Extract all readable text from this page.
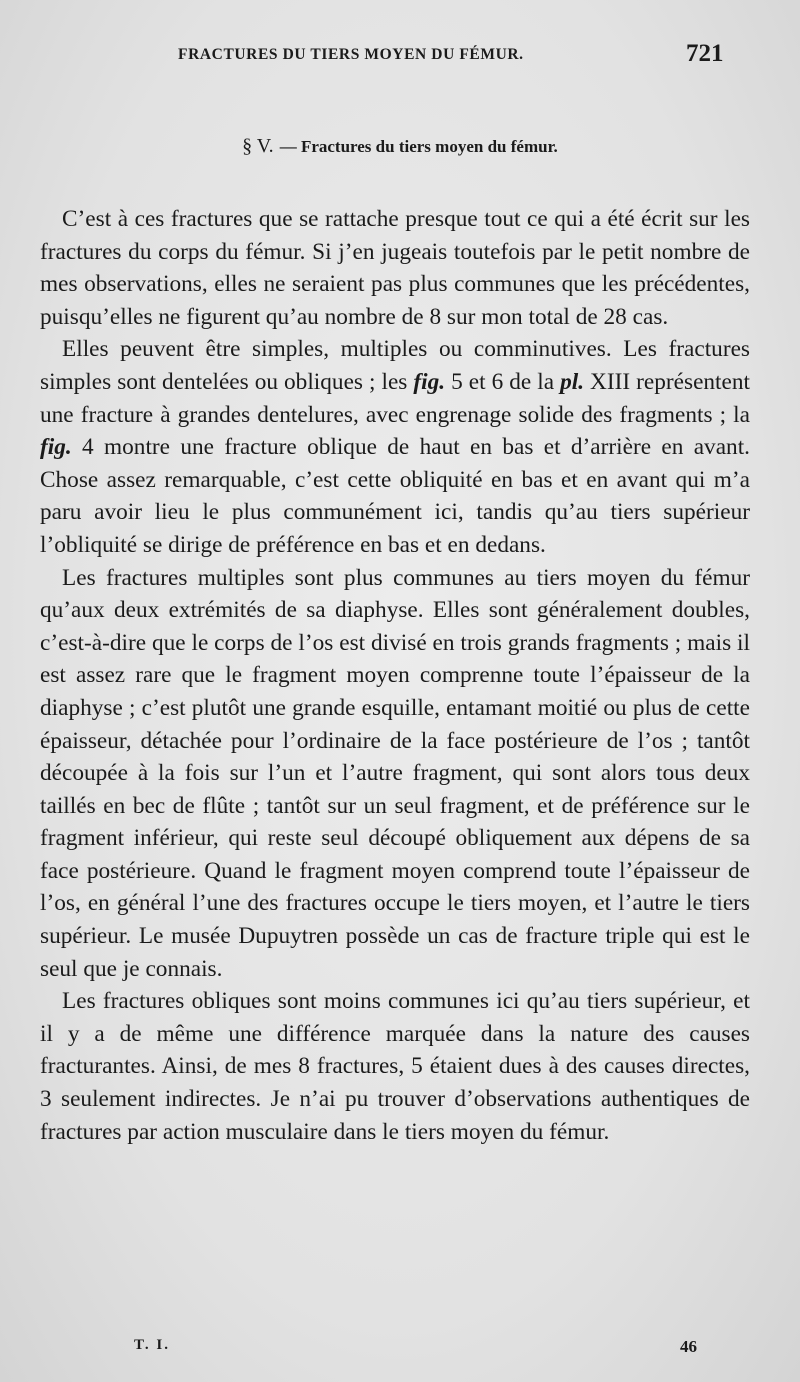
FRACTURES DU TIERS MOYEN DU FÉMUR.	721
§ V. — Fractures du tiers moyen du fémur.

C’est à ces fractures que se rattache presque tout ce qui a été écrit sur les fractures du corps du fémur. Si j’en jugeais toutefois par le petit nombre de mes observations, elles ne seraient pas plus communes que les précédentes, puisqu’elles ne figurent qu’au nombre de 8 sur mon total de 28 cas.

Elles peuvent être simples, multiples ou comminutives. Les fractures simples sont dentelées ou obliques ; les fig. 5 et 6 de la pl. XIII représentent une fracture à grandes dentelures, avec engrenage solide des fragments ; la fig. 4 montre une fracture oblique de haut en bas et d’arrière en avant. Chose assez remarquable, c’est cette obliquité en bas et en avant qui m’a paru avoir lieu le plus communément ici, tandis qu’au tiers supérieur l’obliquité se dirige de préférence en bas et en dedans.

Les fractures multiples sont plus communes au tiers moyen du fémur qu’aux deux extrémités de sa diaphyse. Elles sont généralement doubles, c’est-à-dire que le corps de l’os est divisé en trois grands fragments ; mais il est assez rare que le fragment moyen comprenne toute l’épaisseur de la diaphyse ; c’est plutôt une grande esquille, entamant moitié ou plus de cette épaisseur, détachée pour l’ordinaire de la face postérieure de l’os ; tantôt découpée à la fois sur l’un et l’autre fragment, qui sont alors tous deux taillés en bec de flûte ; tantôt sur un seul fragment, et de préférence sur le fragment inférieur, qui reste seul découpé obliquement aux dépens de sa face postérieure. Quand le fragment moyen comprend toute l’épaisseur de l’os, en général l’une des fractures occupe le tiers moyen, et l’autre le tiers supérieur. Le musée Dupuytren possède un cas de fracture triple qui est le seul que je connais.

Les fractures obliques sont moins communes ici qu’au tiers supérieur, et il y a de même une différence marquée dans la nature des causes fracturantes. Ainsi, de mes 8 fractures, 5 étaient dues à des causes directes, 3 seulement indirectes. Je n’ai pu trouver d’observations authentiques de fractures par action musculaire dans le tiers moyen du fémur.

T. I.	46
